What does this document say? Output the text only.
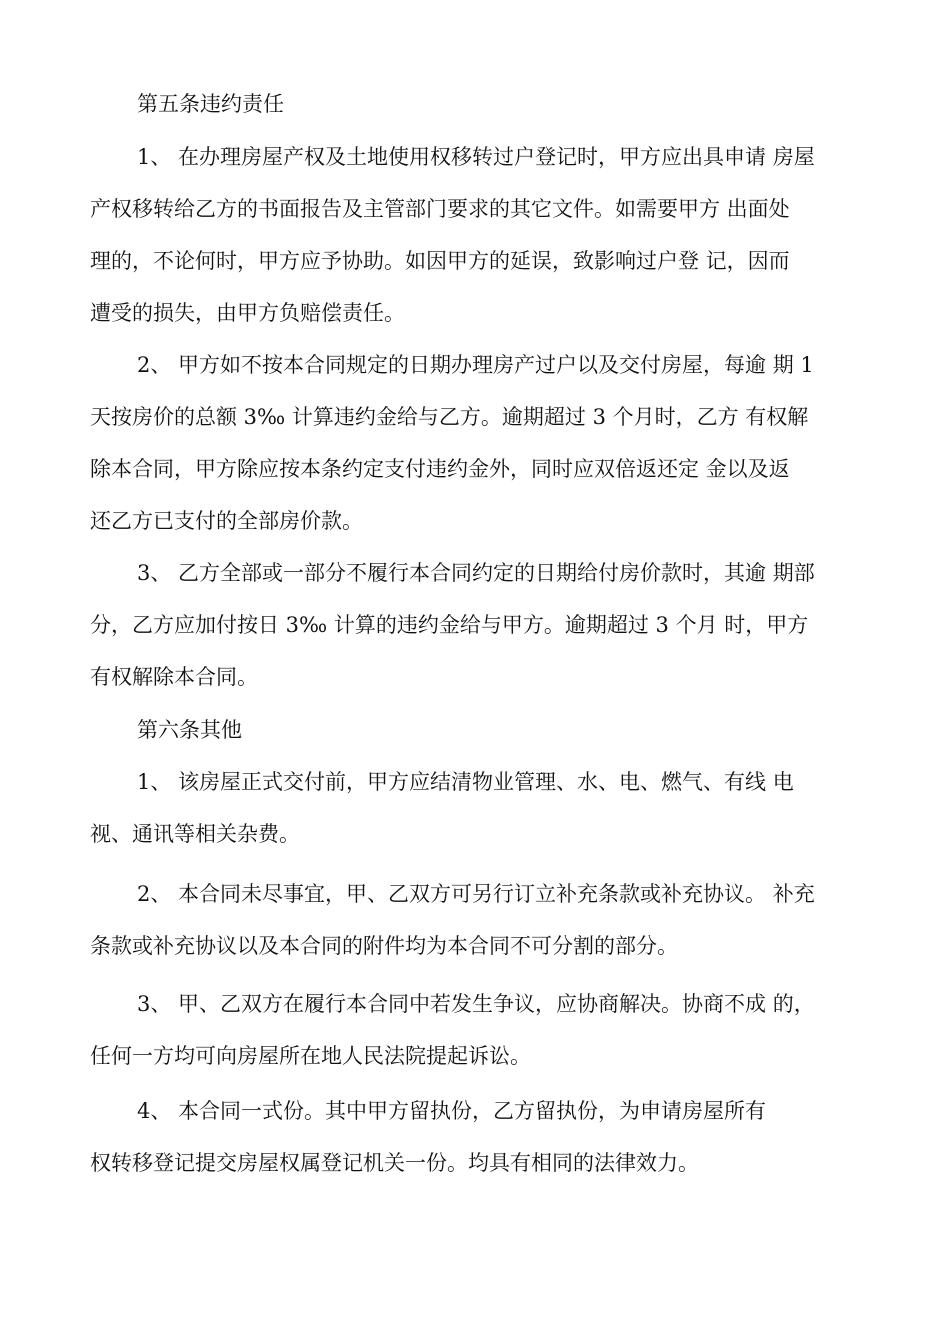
第五条违约责任
1、 在办理房屋产权及土地使用权移转过户登记时，甲方应出具申请 房屋
产权移转给乙方的书面报告及主管部门要求的其它文件。如需要甲方 出面处
理的，不论何时，甲方应予协助。如因甲方的延误，致影响过户登 记，因而
遭受的损失，由甲方负赔偿责任。
2、 甲方如不按本合同规定的日期办理房产过户以及交付房屋，每逾 期 1
天按房价的总额 3‰ 计算违约金给与乙方。逾期超过 3 个月时，乙方 有权解
除本合同，甲方除应按本条约定支付违约金外，同时应双倍返还定 金以及返
还乙方已支付的全部房价款。
3、 乙方全部或一部分不履行本合同约定的日期给付房价款时，其逾 期部
分，乙方应加付按日 3‰ 计算的违约金给与甲方。逾期超过 3 个月 时，甲方
有权解除本合同。
第六条其他
1、 该房屋正式交付前，甲方应结清物业管理、水、电、燃气、有线 电
视、通讯等相关杂费。
2、 本合同未尽事宜，甲、乙双方可另行订立补充条款或补充协议。 补充
条款或补充协议以及本合同的附件均为本合同不可分割的部分。
3、 甲、乙双方在履行本合同中若发生争议，应协商解决。协商不成 的，
任何一方均可向房屋所在地人民法院提起诉讼。
4、 本合同一式份。其中甲方留执份，乙方留执份，为申请房屋所有
权转移登记提交房屋权属登记机关一份。均具有相同的法律效力。
